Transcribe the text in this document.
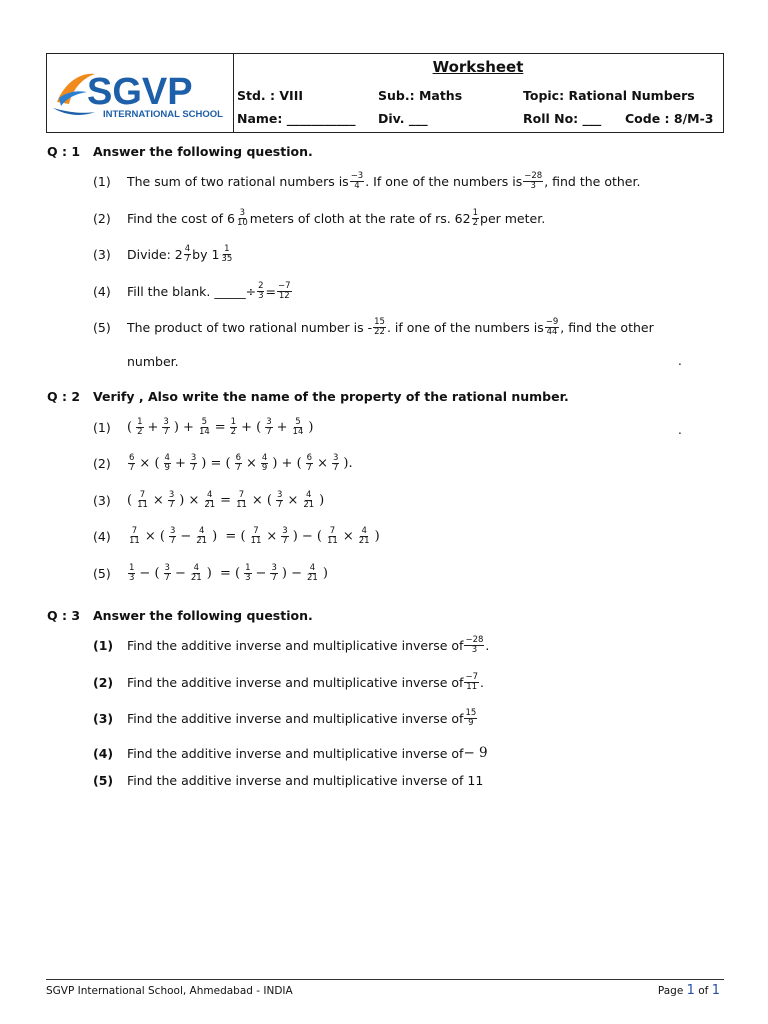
SGVP
INTERNATIONAL SCHOOL
Worksheet
Std. : VIII	Sub.: Maths	Topic: Rational Numbers
Name: ___________ Div. ___	Roll No: ___ Code : 8/M-3
Q : 1 Answer the following question.
(1)	The sum of two rational numbers is $\frac{-3}{4}$ . If one of the numbers is $\frac{-28}{3}$ , find the other.
(2)	Find the cost of $6 \frac{3}{10}$ meters of cloth at the rate of rs. $62 \frac{1}{2}$ per meter.
(3)	Divide: $2 \frac{4}{7}$ by $1 \frac{1}{35}$
(4)	Fill the blank. _____÷ $\frac{2}{3} = \frac{-7}{12}$
(5)	The product of two rational number is - $\frac{15}{22}$ . if one of the numbers is $\frac{-9}{44}$ , find the other
number.	.
Q : 2 Verify , Also write the name of the property of the rational number.
(1)	( $\frac{1}{2} + \frac{3}{7}$ ) + $\frac{5}{14} = \frac{1}{2}$ + ( $\frac{3}{7} + \frac{5}{14}$ )	.
(2)	$\frac{6}{7}$ × ( $\frac{4}{9} + \frac{3}{7}$ ) = ( $\frac{6}{7} \times \frac{4}{9}$ ) + ( $\frac{6}{7} \times \frac{3}{7}$ ).
(3)	( $\frac{7}{11} \times \frac{3}{7}$ ) × $\frac{4}{21} = \frac{7}{11}$ × ( $\frac{3}{7} \times \frac{4}{21}$ )
(4)	$\frac{7}{11}$ × ( $\frac{3}{7} - \frac{4}{21}$ )  = ( $\frac{7}{11} \times \frac{3}{7}$ ) − ( $\frac{7}{11} \times \frac{4}{21}$ )
(5)	$\frac{1}{3}$ − ( $\frac{3}{7} - \frac{4}{21}$ )  = ( $\frac{1}{3} - \frac{3}{7}$ ) − $\frac{4}{21}$ )
Q : 3 Answer the following question.
(1)	Find the additive inverse and multiplicative inverse of $\frac{-28}{3}$ .
(2)	Find the additive inverse and multiplicative inverse of $\frac{-7}{11}$ .
(3)	Find the additive inverse and multiplicative inverse of $\frac{15}{9}$
(4)	Find the additive inverse and multiplicative inverse of − 9
(5)	Find the additive inverse and multiplicative inverse of 11
SGVP International School, Ahmedabad - INDIA	Page 1 of 1
